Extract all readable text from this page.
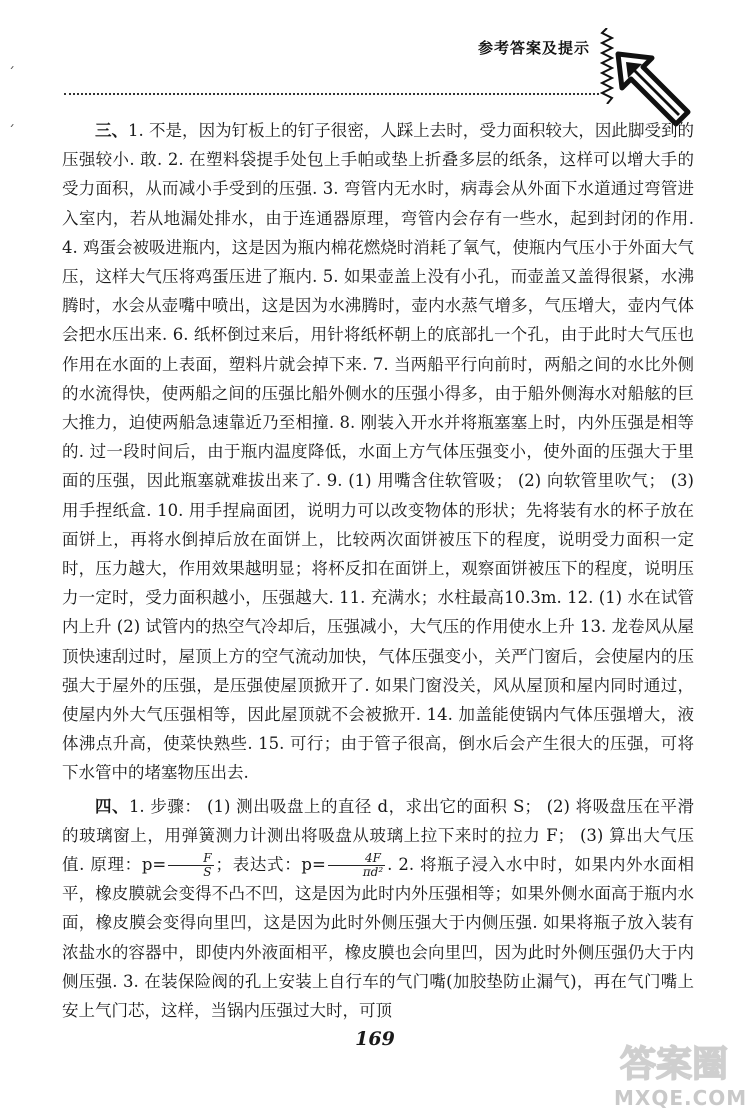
参考答案及提示
ˊ
ˊ	三、1. 不是，因为钉板上的钉子很密，人踩上去时，受力面积较大，因此脚受到的压强较小. 敢. 2. 在塑料袋提手处包上手帕或垫上折叠多层的纸条，这样可以增大手的受力面积，从而减小手受到的压强. 3. 弯管内无水时，病毒会从外面下水道通过弯管进入室内，若从地漏处排水，由于连通器原理，弯管内会存有一些水，起到封闭的作用. 4. 鸡蛋会被吸进瓶内，这是因为瓶内棉花燃烧时消耗了氧气，使瓶内气压小于外面大气压，这样大气压将鸡蛋压进了瓶内. 5. 如果壶盖上没有小孔，而壶盖又盖得很紧，水沸腾时，水会从壶嘴中喷出，这是因为水沸腾时，壶内水蒸气增多，气压增大，壶内气体会把水压出来. 6. 纸杯倒过来后，用针将纸杯朝上的底部扎一个孔，由于此时大气压也作用在水面的上表面，塑料片就会掉下来. 7. 当两船平行向前时，两船之间的水比外侧的水流得快，使两船之间的压强比船外侧水的压强小得多，由于船外侧海水对船舷的巨大推力，迫使两船急速靠近乃至相撞. 8. 刚装入开水并将瓶塞塞上时，内外压强是相等的. 过一段时间后，由于瓶内温度降低，水面上方气体压强变小，使外面的压强大于里面的压强，因此瓶塞就难拔出来了. 9. (1) 用嘴含住软管吸； (2) 向软管里吹气； (3) 用手捏纸盒. 10. 用手捏扁面团，说明力可以改变物体的形状；先将装有水的杯子放在面饼上，再将水倒掉后放在面饼上，比较两次面饼被压下的程度，说明受力面积一定时，压力越大，作用效果越明显；将杯反扣在面饼上，观察面饼被压下的程度，说明压力一定时，受力面积越小，压强越大. 11. 充满水；水柱最高10.3m. 12. (1) 水在试管内上升 (2) 试管内的热空气冷却后，压强减小，大气压的作用使水上升 13. 龙卷风从屋顶快速刮过时，屋顶上方的空气流动加快，气体压强变小，关严门窗后，会使屋内的压强大于屋外的压强，是压强使屋顶掀开了. 如果门窗没关，风从屋顶和屋内同时通过，使屋内外大气压强相等，因此屋顶就不会被掀开. 14. 加盖能使锅内气体压强增大，液体沸点升高，使菜快熟些. 15. 可行；由于管子很高，倒水后会产生很大的压强，可将下水管中的堵塞物压出去.

四、1. 步骤： (1) 测出吸盘上的直径 d，求出它的面积 S； (2) 将吸盘压在平滑的玻璃窗上，用弹簧测力计测出将吸盘从玻璃上拉下来时的拉力 F； (3) 算出大气压值. 原理：$p= \frac{F}{S}$ ；表达式：$p= \frac{4F}{\text{πd²}}$ . 2. 将瓶子浸入水中时，如果内外水面相平，橡皮膜就会变得不凸不凹，这是因为此时内外压强相等；如果外侧水面高于瓶内水面，橡皮膜会变得向里凹，这是因为此时外侧压强大于内侧压强. 如果将瓶子放入装有浓盐水的容器中，即使内外液面相平，橡皮膜也会向里凹，因为此时外侧压强仍大于内侧压强. 3. 在装保险阀的孔上安装上自行车的气门嘴(加胶垫防止漏气)，再在气门嘴上安上气门芯，这样，当锅内压强过大时，可顶

169
答案圈
MXQE.COM
